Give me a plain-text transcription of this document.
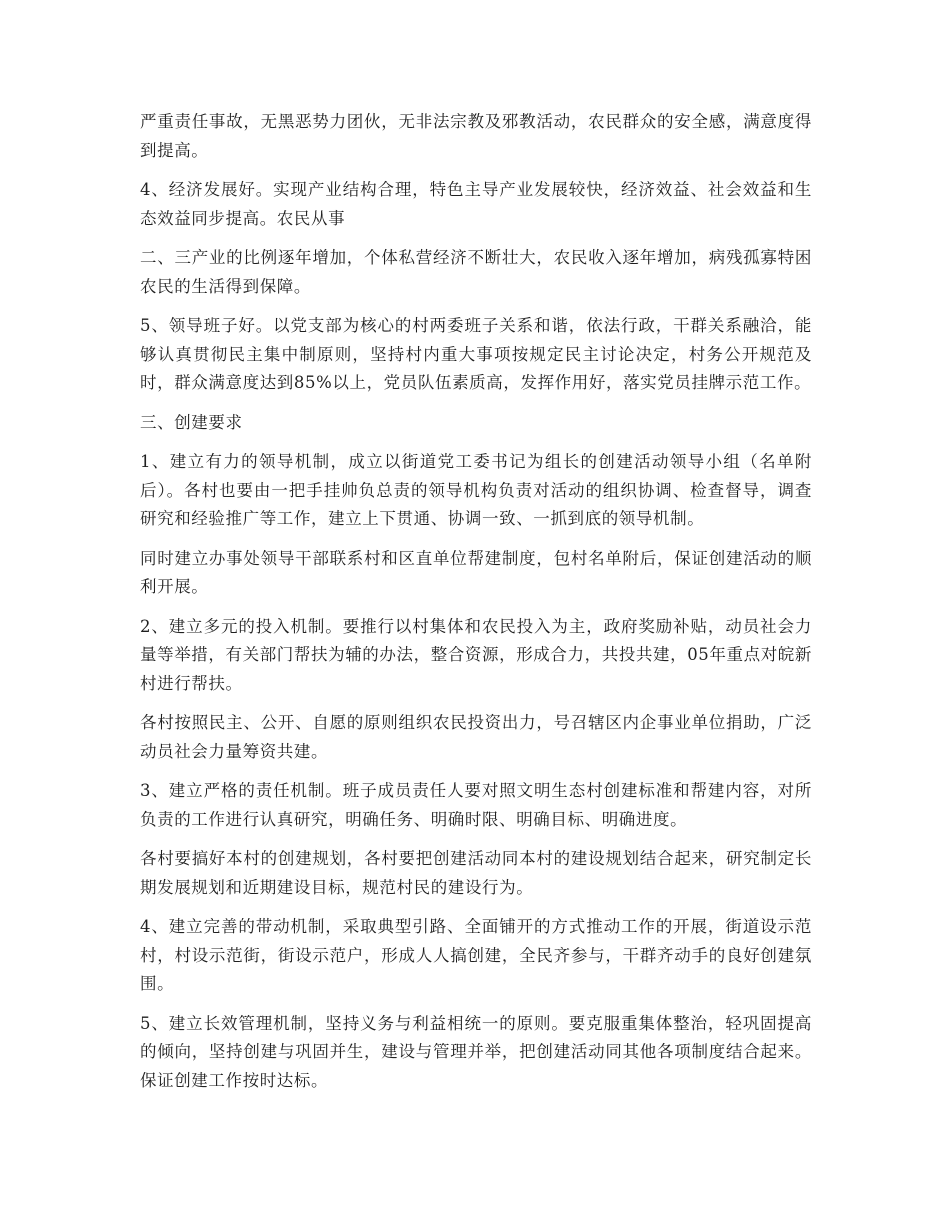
严重责任事故，无黑恶势力团伙，无非法宗教及邪教活动，农民群众的安全感，满意度得到提高。

4、经济发展好。实现产业结构合理，特色主导产业发展较快，经济效益、社会效益和生态效益同步提高。农民从事

二、三产业的比例逐年增加，个体私营经济不断壮大，农民收入逐年增加，病残孤寡特困农民的生活得到保障。

5、领导班子好。以党支部为核心的村两委班子关系和谐，依法行政，干群关系融洽，能够认真贯彻民主集中制原则，坚持村内重大事项按规定民主讨论决定，村务公开规范及时，群众满意度达到85%以上，党员队伍素质高，发挥作用好，落实党员挂牌示范工作。

三、创建要求

1、建立有力的领导机制，成立以街道党工委书记为组长的创建活动领导小组（名单附后）。各村也要由一把手挂帅负总责的领导机构负责对活动的组织协调、检查督导，调查研究和经验推广等工作，建立上下贯通、协调一致、一抓到底的领导机制。

同时建立办事处领导干部联系村和区直单位帮建制度，包村名单附后，保证创建活动的顺利开展。

2、建立多元的投入机制。要推行以村集体和农民投入为主，政府奖励补贴，动员社会力量等举措，有关部门帮扶为辅的办法，整合资源，形成合力，共投共建，05年重点对皖新村进行帮扶。

各村按照民主、公开、自愿的原则组织农民投资出力，号召辖区内企事业单位捐助，广泛动员社会力量筹资共建。

3、建立严格的责任机制。班子成员责任人要对照文明生态村创建标准和帮建内容，对所负责的工作进行认真研究，明确任务、明确时限、明确目标、明确进度。

各村要搞好本村的创建规划，各村要把创建活动同本村的建设规划结合起来，研究制定长期发展规划和近期建设目标，规范村民的建设行为。

4、建立完善的带动机制，采取典型引路、全面铺开的方式推动工作的开展，街道设示范村，村设示范街，街设示范户，形成人人搞创建，全民齐参与，干群齐动手的良好创建氛围。

5、建立长效管理机制，坚持义务与利益相统一的原则。要克服重集体整治，轻巩固提高的倾向，坚持创建与巩固并生，建设与管理并举，把创建活动同其他各项制度结合起来。保证创建工作按时达标。
